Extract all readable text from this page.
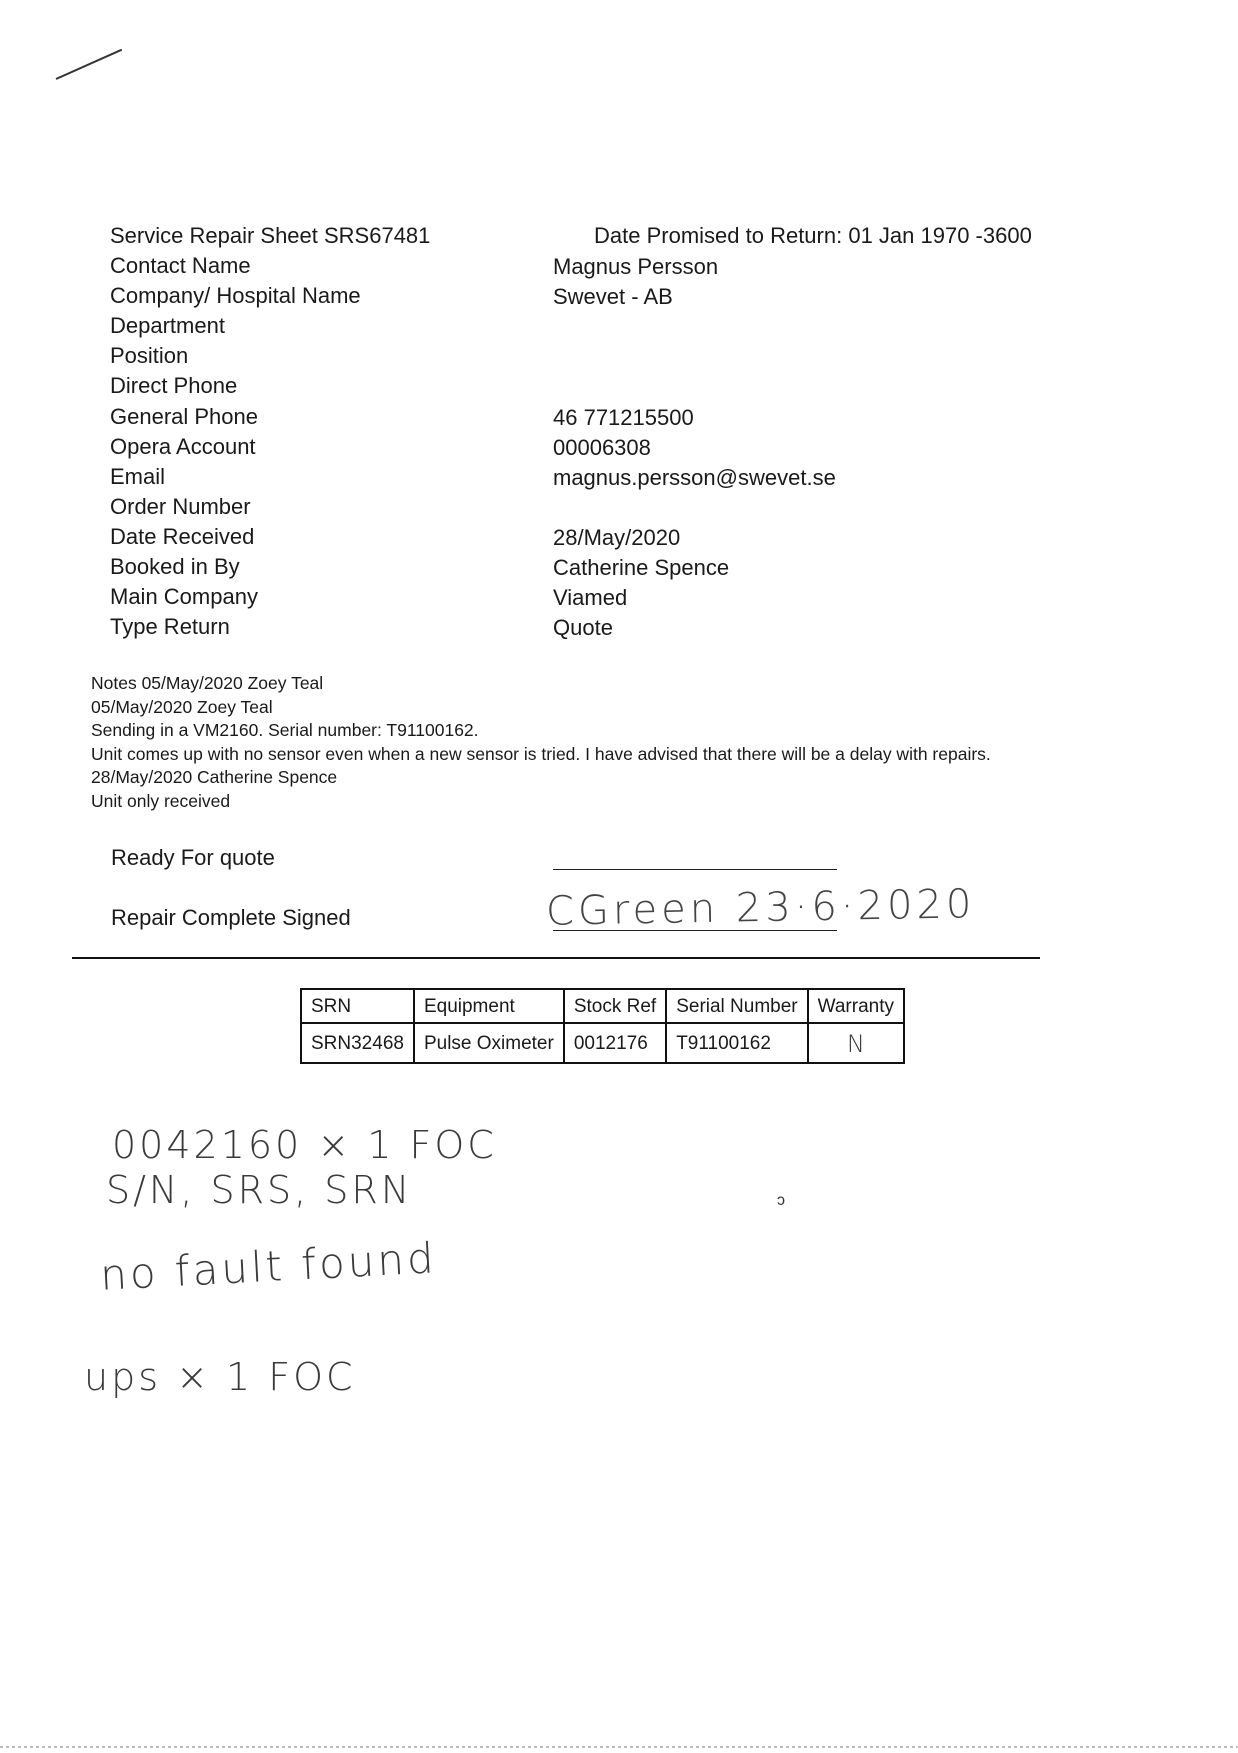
Service Repair Sheet SRS67481	Date Promised to Return: 01 Jan 1970 -3600
Contact Name	Magnus Persson
Company/ Hospital Name	Swevet - AB
Department
Position
Direct Phone
General Phone	46 771215500
Opera Account	00006308
Email	magnus.persson@swevet.se
Order Number
Date Received	28/May/2020
Booked in By	Catherine Spence
Main Company	Viamed
Type Return	Quote
Notes 05/May/2020 Zoey Teal
05/May/2020 Zoey Teal
Sending in a VM2160. Serial number: T91100162.
Unit comes up with no sensor even when a new sensor is tried. I have advised that there will be a delay with repairs.
28/May/2020 Catherine Spence
Unit only received
Ready For quote
Repair Complete Signed	CGreen 23·6·2020
SRN	Equipment	Stock Ref	Serial Number	Warranty
SRN32468	Pulse Oximeter	0012176	T91100162	N
0042160 × 1 FOC
S/N, SRS, SRN
no fault found
ups × 1 FOC
ɔ
